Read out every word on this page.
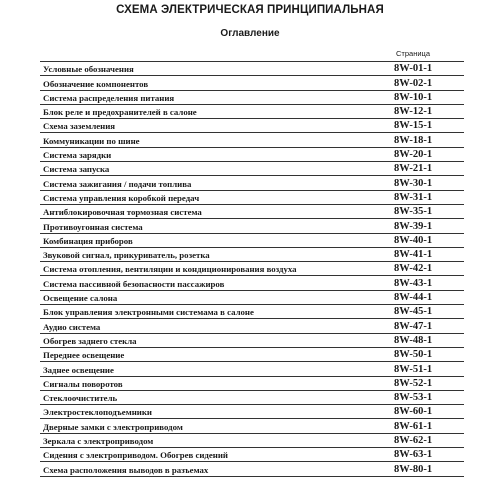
СХЕМА ЭЛЕКТРИЧЕСКАЯ ПРИНЦИПИАЛЬНАЯ
Оглавление
Страница
Условные обозначения	8W-01-1
Обозначение компонентов	8W-02-1
Система распределения питания	8W-10-1
Блок реле и предохранителей в салоне	8W-12-1
Схема заземления	8W-15-1
Коммуникации по шине	8W-18-1
Система зарядки	8W-20-1
Система запуска	8W-21-1
Система зажигания / подачи топлива	8W-30-1
Система управления коробкой передач	8W-31-1
Антиблокировочная тормозная система	8W-35-1
Противоугонная система	8W-39-1
Комбинация приборов	8W-40-1
Звуковой сигнал, прикуриватель, розетка	8W-41-1
Система отопления, вентиляции и кондиционирования воздуха	8W-42-1
Система пассивной безопасности пассажиров	8W-43-1
Освещение салона	8W-44-1
Блок управления электронными системама в салоне	8W-45-1
Аудио система	8W-47-1
Обогрев заднего стекла	8W-48-1
Переднее освещение	8W-50-1
Заднее освещение	8W-51-1
Сигналы поворотов	8W-52-1
Стеклоочиститель	8W-53-1
Электростеклоподъемники	8W-60-1
Дверные замки с электроприводом	8W-61-1
Зеркала с электроприводом	8W-62-1
Сидения с электроприводом. Обогрев сидений	8W-63-1
Схема расположения выводов в разъемах	8W-80-1
